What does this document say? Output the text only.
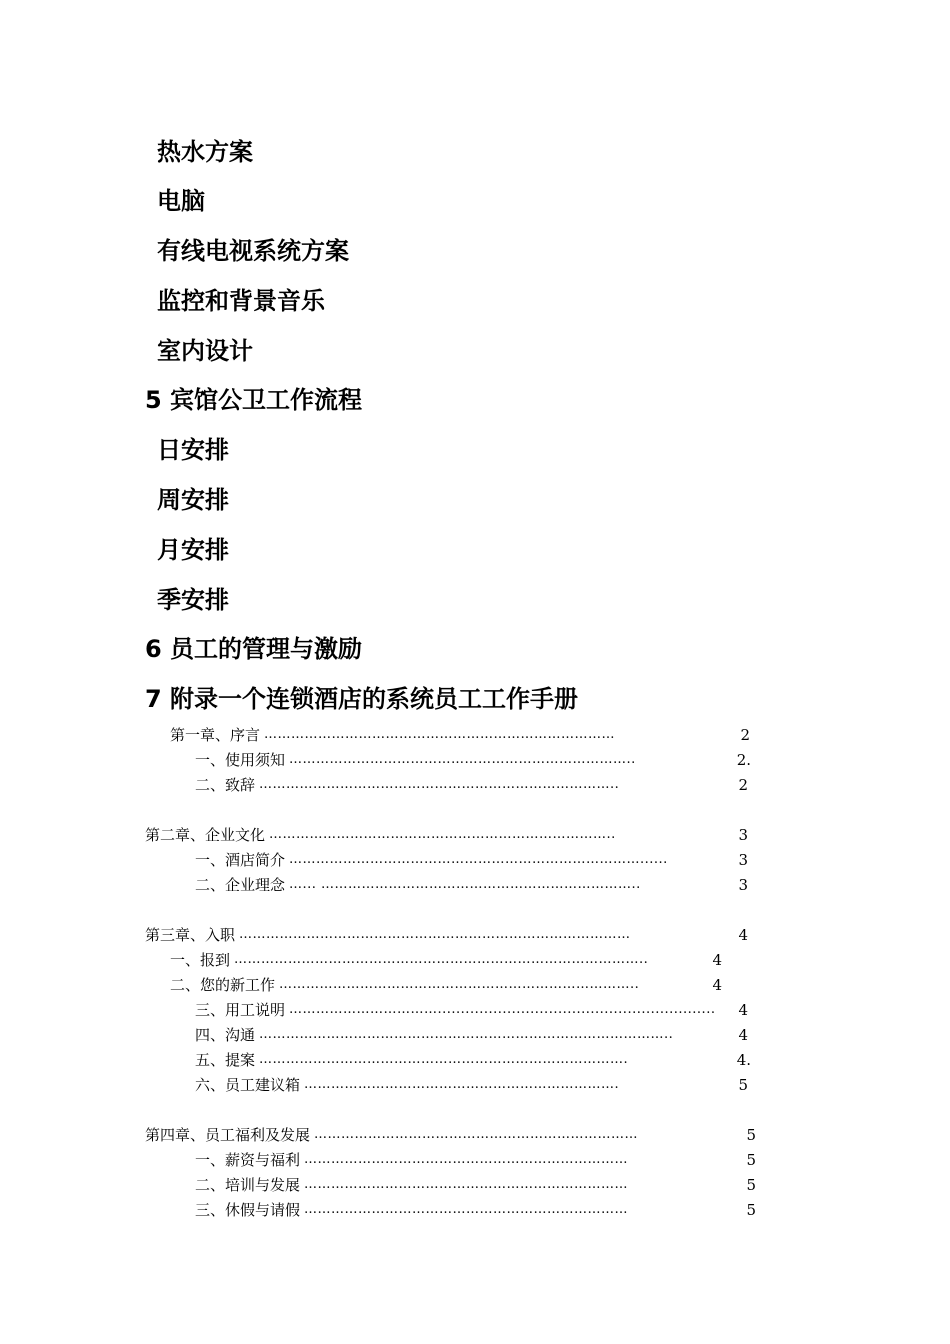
热水方案
电脑
有线电视系统方案
监控和背景音乐
室内设计
5 宾馆公卫工作流程
日安排
周安排
月安排
季安排
6 员工的管理与激励
7 附录一个连锁酒店的系统员工工作手册
第一章、序言 ……………………………………………………………………	2
一、使用须知 …………………………………………………………………..	2.
二、致辞 ……………………………………………………………………..	2
第二章、企业文化 …………………………………………………………………..	3
一、酒店简介 ……………………………………………………………………......	3
二、企业理念 …... ……………………………………………………………..	3
第三章、入职 ……………………………………………………………………………	4
一、报到 ………………………………………………………………………………..	4
二、您的新工作 ……………………………………………………………………..	4
三、用工说明 ……………………………............................................................	4
四、沟通 ………………………………………………………………………………..	4
五、提案 ……………………………………………………………………….	4.
六、员工建议箱 …………………………………………………………….	5
第四章、员工福利及发展 ………………………………………………………………	5
一、薪资与福利 ………………………………………………………………	5
二、培训与发展 ………………………………………………………………	5
三、休假与请假 ………………………………………………………………	5
